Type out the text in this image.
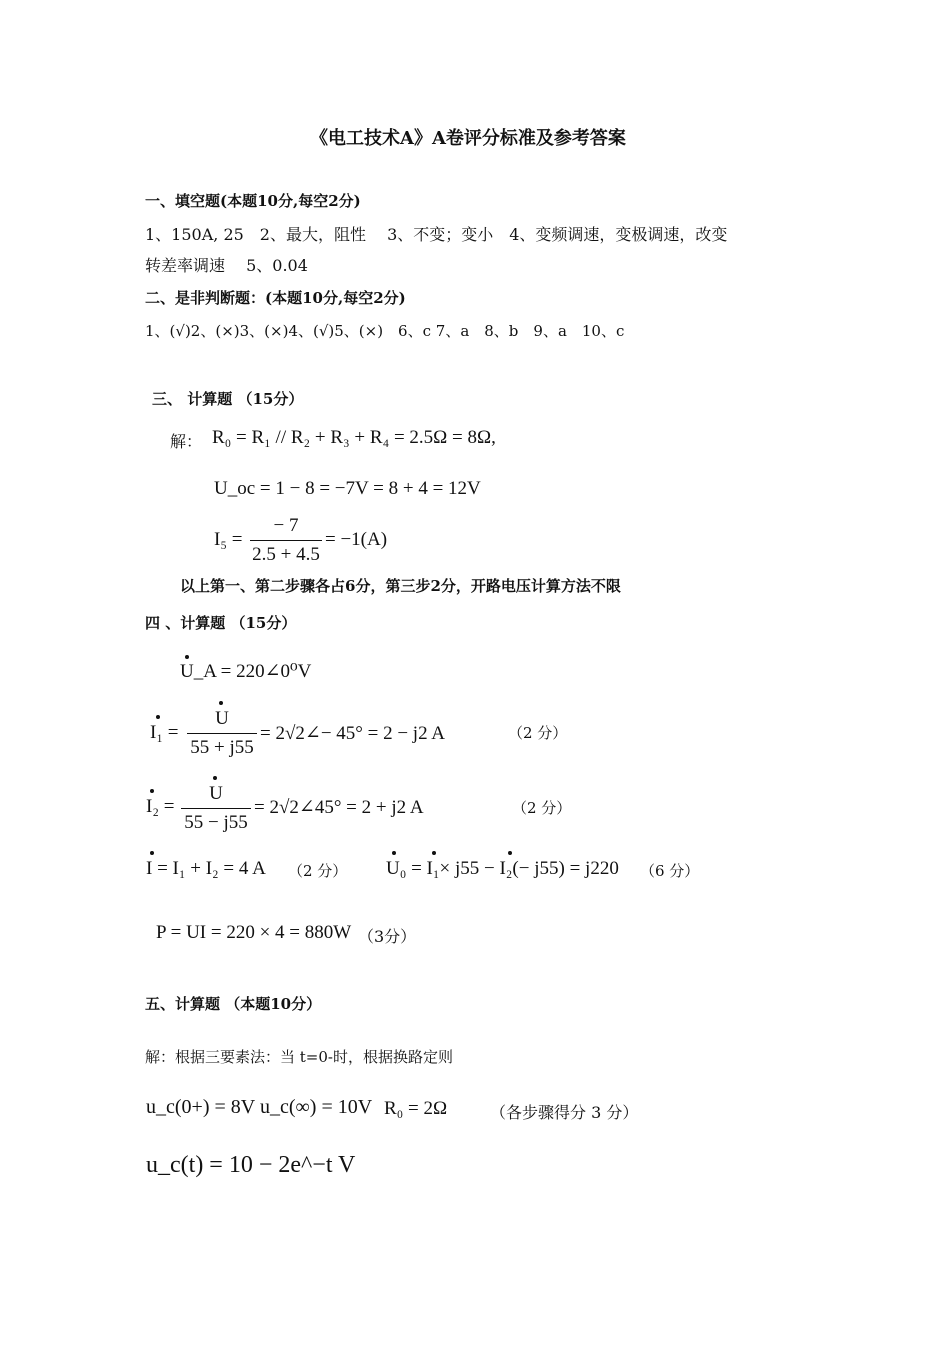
《电工技术A》A卷评分标准及参考答案
一、填空题(本题10分,每空2分)
1、150A, 25　2、最大，阻性　 3、不变；变小　4、变频调速，变极调速，改变
转差率调速　 5、0.04
二、是非判断题：(本题10分,每空2分)
1、(√)2、(×)3、(×)4、(√)5、(×)　6、c 7、a　8、b　9、a　10、c
三、 计算题 （15分）
解： R₀ = R₁ // R₂ + R₃ + R₄ = 2.5Ω = 8Ω,
U_oc = 1 − 8 = −7V = 8 + 4 = 12V
I₅ =
− 7
2.5 + 4.5
= −1(A)
以上第一、第二步骤各占6分，第三步2分，开路电压计算方法不限
四 、计算题 （15分）
U_A = 220∠0⁰V
I₁ =
U
55 + j55
= 2√2∠− 45° = 2 − j2 A	（2 分）
I₂ =
U
55 − j55
= 2√2∠45° = 2 + j2 A	（2 分）
I = I₁ + I₂ = 4 A （2 分） U₀ = I₁× j55 − I₂(− j55) = j220 （6 分）
P = UI = 220 × 4 = 880W （3分）
五、计算题 （本题10分）
解：根据三要素法：当 t=0-时，根据换路定则
u_c(0+) = 8V u_c(∞) = 10V R₀ = 2Ω	（各步骤得分 3 分）
u_c(t) = 10 − 2e^−t V
